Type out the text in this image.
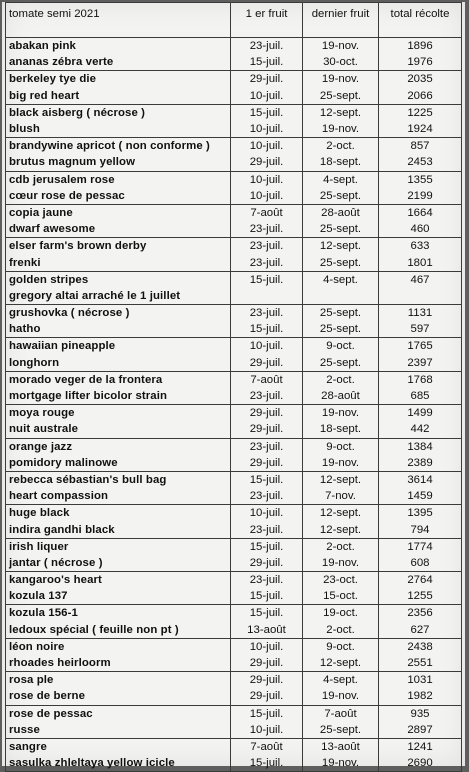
tomate semi 2021	1 er fruit	dernier fruit	total récolte
abakan pink	23-juil.	19-nov.	1896
ananas zébra verte	15-juil.	30-oct.	1976
berkeley tye die	29-juil.	19-nov.	2035
big red heart	10-juil.	25-sept.	2066
black aisberg ( nécrose )	15-juil.	12-sept.	1225
blush	10-juil.	19-nov.	1924
brandywine apricot ( non conforme )	10-juil.	2-oct.	857
brutus magnum yellow	29-juil.	18-sept.	2453
cdb jerusalem rose	10-juil.	4-sept.	1355
cœur rose de pessac	10-juil.	25-sept.	2199
copia jaune	7-août	28-août	1664
dwarf awesome	23-juil.	25-sept.	460
elser farm's brown derby	23-juil.	12-sept.	633
frenki	23-juil.	25-sept.	1801
golden stripes	15-juil.	4-sept.	467
gregory altai arraché le 1 juillet			
grushovka ( nécrose )	23-juil.	25-sept.	1131
hatho	15-juil.	25-sept.	597
hawaiian pineapple	10-juil.	9-oct.	1765
longhorn	29-juil.	25-sept.	2397
morado veger de la frontera	7-août	2-oct.	1768
mortgage lifter bicolor strain	23-juil.	28-août	685
moya rouge	29-juil.	19-nov.	1499
nuit australe	29-juil.	18-sept.	442
orange jazz	23-juil.	9-oct.	1384
pomidory malinowe	29-juil.	19-nov.	2389
rebecca sébastian's bull bag	15-juil.	12-sept.	3614
heart compassion	23-juil.	7-nov.	1459
huge black	10-juil.	12-sept.	1395
indira gandhi black	23-juil.	12-sept.	794
irish liquer	15-juil.	2-oct.	1774
jantar ( nécrose )	29-juil.	19-nov.	608
kangaroo's heart	23-juil.	23-oct.	2764
kozula 137	15-juil.	15-oct.	1255
kozula 156-1	15-juil.	19-oct.	2356
ledoux spécial ( feuille non pt )	13-août	2-oct.	627
léon noire	10-juil.	9-oct.	2438
rhoades heirloorm	29-juil.	12-sept.	2551
rosa ple	29-juil.	4-sept.	1031
rose de berne	29-juil.	19-nov.	1982
rose de pessac	15-juil.	7-août	935
russe	10-juil.	25-sept.	2897
sangre	7-août	13-août	1241
sasulka zhleltaya yellow icicle	15-juil.	19-nov.	2690
